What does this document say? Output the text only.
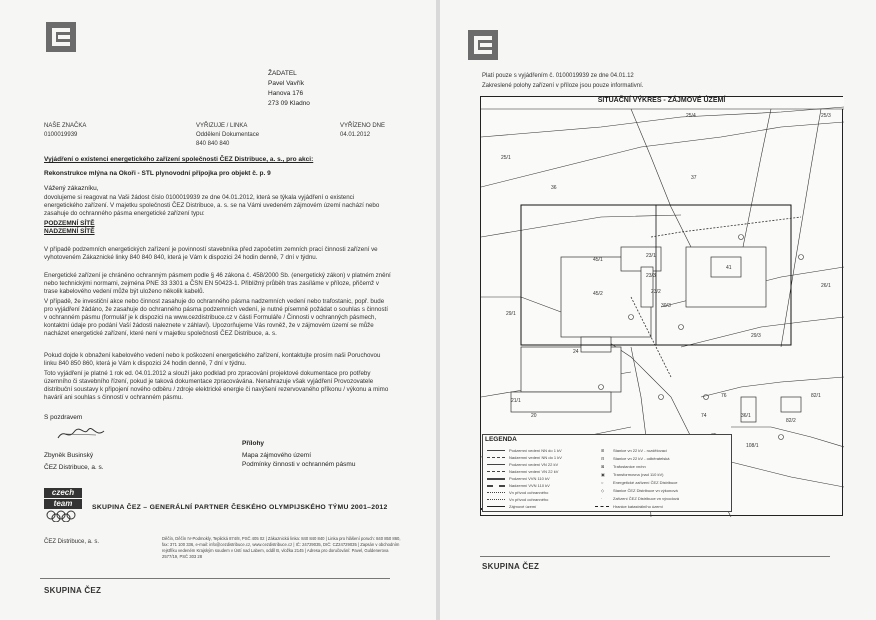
ŽADATEL
Pavel Vavřík
Hanova 176
273 09 Kladno
NAŠE ZNAČKA
0100019939
VYŘIZUJE / LINKA
Oddělení Dokumentace
840 840 840
VYŘÍZENO DNE
04.01.2012
Vyjádření o existenci energetického zařízení společnosti ČEZ Distribuce, a. s., pro akci:
Rekonstrukce mlýna na Okoři - STL plynovodní přípojka pro objekt č. p. 9
Vážený zákazníku,
dovolujeme si reagovat na Vaši žádost číslo 0100019939 ze dne 04.01.2012, která se týkala vyjádření o existenci energetického zařízení. V majetku společnosti ČEZ Distribuce, a. s. se na Vámi uvedeném zájmovém území nachází nebo zasahuje do ochranného pásma energetické zařízení typu:
PODZEMNÍ SÍTĚ
NADZEMNÍ SÍTĚ
V případě podzemních energetických zařízení je povinností stavebníka před započetím zemních prací činnosti zařízení ve vyhotoveném Zákaznické linky 840 840 840, která je Vám k dispozici 24 hodin denně, 7 dní v týdnu.
Energetické zařízení je chráněno ochranným pásmem podle § 46 zákona č. 458/2000 Sb. (energetický zákon) v platném znění nebo technickými normami, zejména PNE 33 3301 a ČSN EN 50423-1. Přibližný průběh tras zasíláme v příloze, přičemž v trase kabelového vedení může být uloženo několik kabelů.
V případě, že investiční akce nebo činnost zasahuje do ochranného pásma nadzemních vedení nebo trafostanic, popř. bude pro vyjádření žádáno, že zasahuje do ochranného pásma podzemních vedení, je nutné písemně požádat o souhlas s činností v ochranném pásmu (formulář je k dispozici na www.cezdistribuce.cz v části Formuláře / Činnosti v ochranných pásmech, kontaktní údaje pro podání Vaší žádosti naleznete v záhlaví). Upozorňujeme Vás rovněž, že v zájmovém území se může nacházet energetické zařízení, které není v majetku společnosti ČEZ Distribuce, a. s.
Pokud dojde k obnažení kabelového vedení nebo k poškození energetického zařízení, kontaktujte prosím naši Poruchovou linku 840 850 860, která je Vám k dispozici 24 hodin denně, 7 dní v týdnu.
Toto vyjádření je platné 1 rok ed. 04.01.2012 a slouží jako podklad pro zpracování projektové dokumentace pro potřeby územního či stavebního řízení, pokud je taková dokumentace zpracovávána. Nenahrazuje však vyjádření Provozovatele distribuční soustavy k připojení nového odběru / zdroje elektrické energie či navýšení rezervovaného příkonu / výkonu a mimo havárií ani souhlas s činností v ochranném pásmu.
S pozdravem
Zbyněk Businský
ČEZ Distribuce, a. s.
Přílohy
Mapa zájmového území
Podmínky činnosti v ochranném pásmu
czech
team	SKUPINA ČEZ – GENERÁLNÍ PARTNER ČESKÉHO OLYMPIJSKÉHO TÝMU 2001–2012
ČEZ Distribuce, a. s.
Děčín, Děčín IV-Podmokly, Teplická 874/8, PSČ 405 02 | Zákaznická linka: 840 840 840 | Linka pro hlášení poruch: 840 850 860, fax: 371 100 336, e-mail: info@cezdistribuce.cz, www.cezdistribuce.cz | IČ: 24729035, DIČ: CZ24729035 | Zapsán v obchodním rejstříku vedeném Krajským soudem v Ústí nad Labem, oddíl B, vložka 2145 | Adresa pro doručování: Pavel, Guldenerova 2577/19, PSČ 303 28
SKUPINA ČEZ
Platí pouze s vyjádřením č. 0100019939 ze dne 04.01.12
Zakreslené polohy zařízení v příloze jsou pouze informativní.
25/4
25/1
36
37
45/1
45/2
41
26/1
23/1
24
29/3
29/1
76	82/1
82/2
23/3
23/2
30/3
36/1
21/1
20	74
108/1
25/3
SITUAČNÍ VÝKRES - ZÁJMOVÉ ÚZEMÍ
LEGENDA
Podzemní vedení NN do 1 kV
Nadzemní vedení NN do 1 kV
Podzemní vedení VN 22 kV
Nadzemní vedení VN 22 kV
Podzemní VVN 110 kV
Nadzemní VVN 110 kV
Vn přívod ochranného
Vn přívod ochranného
Zájmové území
⊞ Stanice vn 22 kV - rozdělovací
⊟ Stanice vn 22 kV - odběratelská
⊠ Trafostanice vn/nn
▣ Transformovna (nad 110 kV)
○ Energetické zařízení ČEZ Distribuce
◇ Stanice ČEZ Distribuce vn výkonová
·	Zařízení ČEZ Distribuce vn vývodová
Hranice katastrálního území
SKUPINA ČEZ
